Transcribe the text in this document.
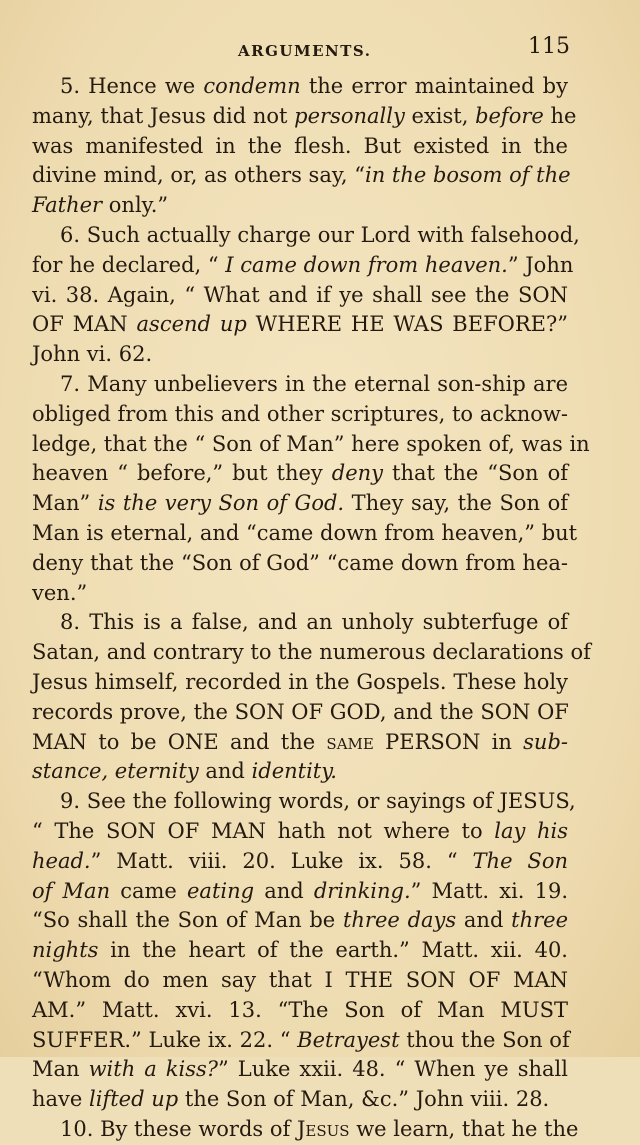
ARGUMENTS.	115
5. Hence we condemn the error maintained by
many, that Jesus did not personally exist, before he
was manifested in the flesh. But existed in the
divine mind, or, as others say, “in the bosom of the
Father only.”
6. Such actually charge our Lord with falsehood,
for he declared, “ I came down from heaven.” John
vi. 38. Again, “ What and if ye shall see the SON
OF MAN ascend up WHERE HE WAS BEFORE?”
John vi. 62.
7. Many unbelievers in the eternal son-ship are
obliged from this and other scriptures, to acknow-
ledge, that the “ Son of Man” here spoken of, was in
heaven “ before,” but they deny that the “Son of
Man” is the very Son of God. They say, the Son of
Man is eternal, and “came down from heaven,” but
deny that the “Son of God” “came down from hea-
ven.”
8. This is a false, and an unholy subterfuge of
Satan, and contrary to the numerous declarations of
Jesus himself, recorded in the Gospels. These holy
records prove, the SON OF GOD, and the SON OF
MAN to be ONE and the same PERSON in sub-
stance, eternity and identity.
9. See the following words, or sayings of JESUS,
“ The SON OF MAN hath not where to lay his
head.” Matt. viii. 20. Luke ix. 58. “ The Son
of Man came eating and drinking.” Matt. xi. 19.
“So shall the Son of Man be three days and three
nights in the heart of the earth.” Matt. xii. 40.
“Whom do men say that I THE SON OF MAN
AM.” Matt. xvi. 13. “The Son of Man MUST
SUFFER.” Luke ix. 22. “ Betrayest thou the Son of
Man with a kiss?” Luke xxii. 48. “ When ye shall
have lifted up the Son of Man, &c.” John viii. 28.
10. By these words of Jesus we learn, that he the
